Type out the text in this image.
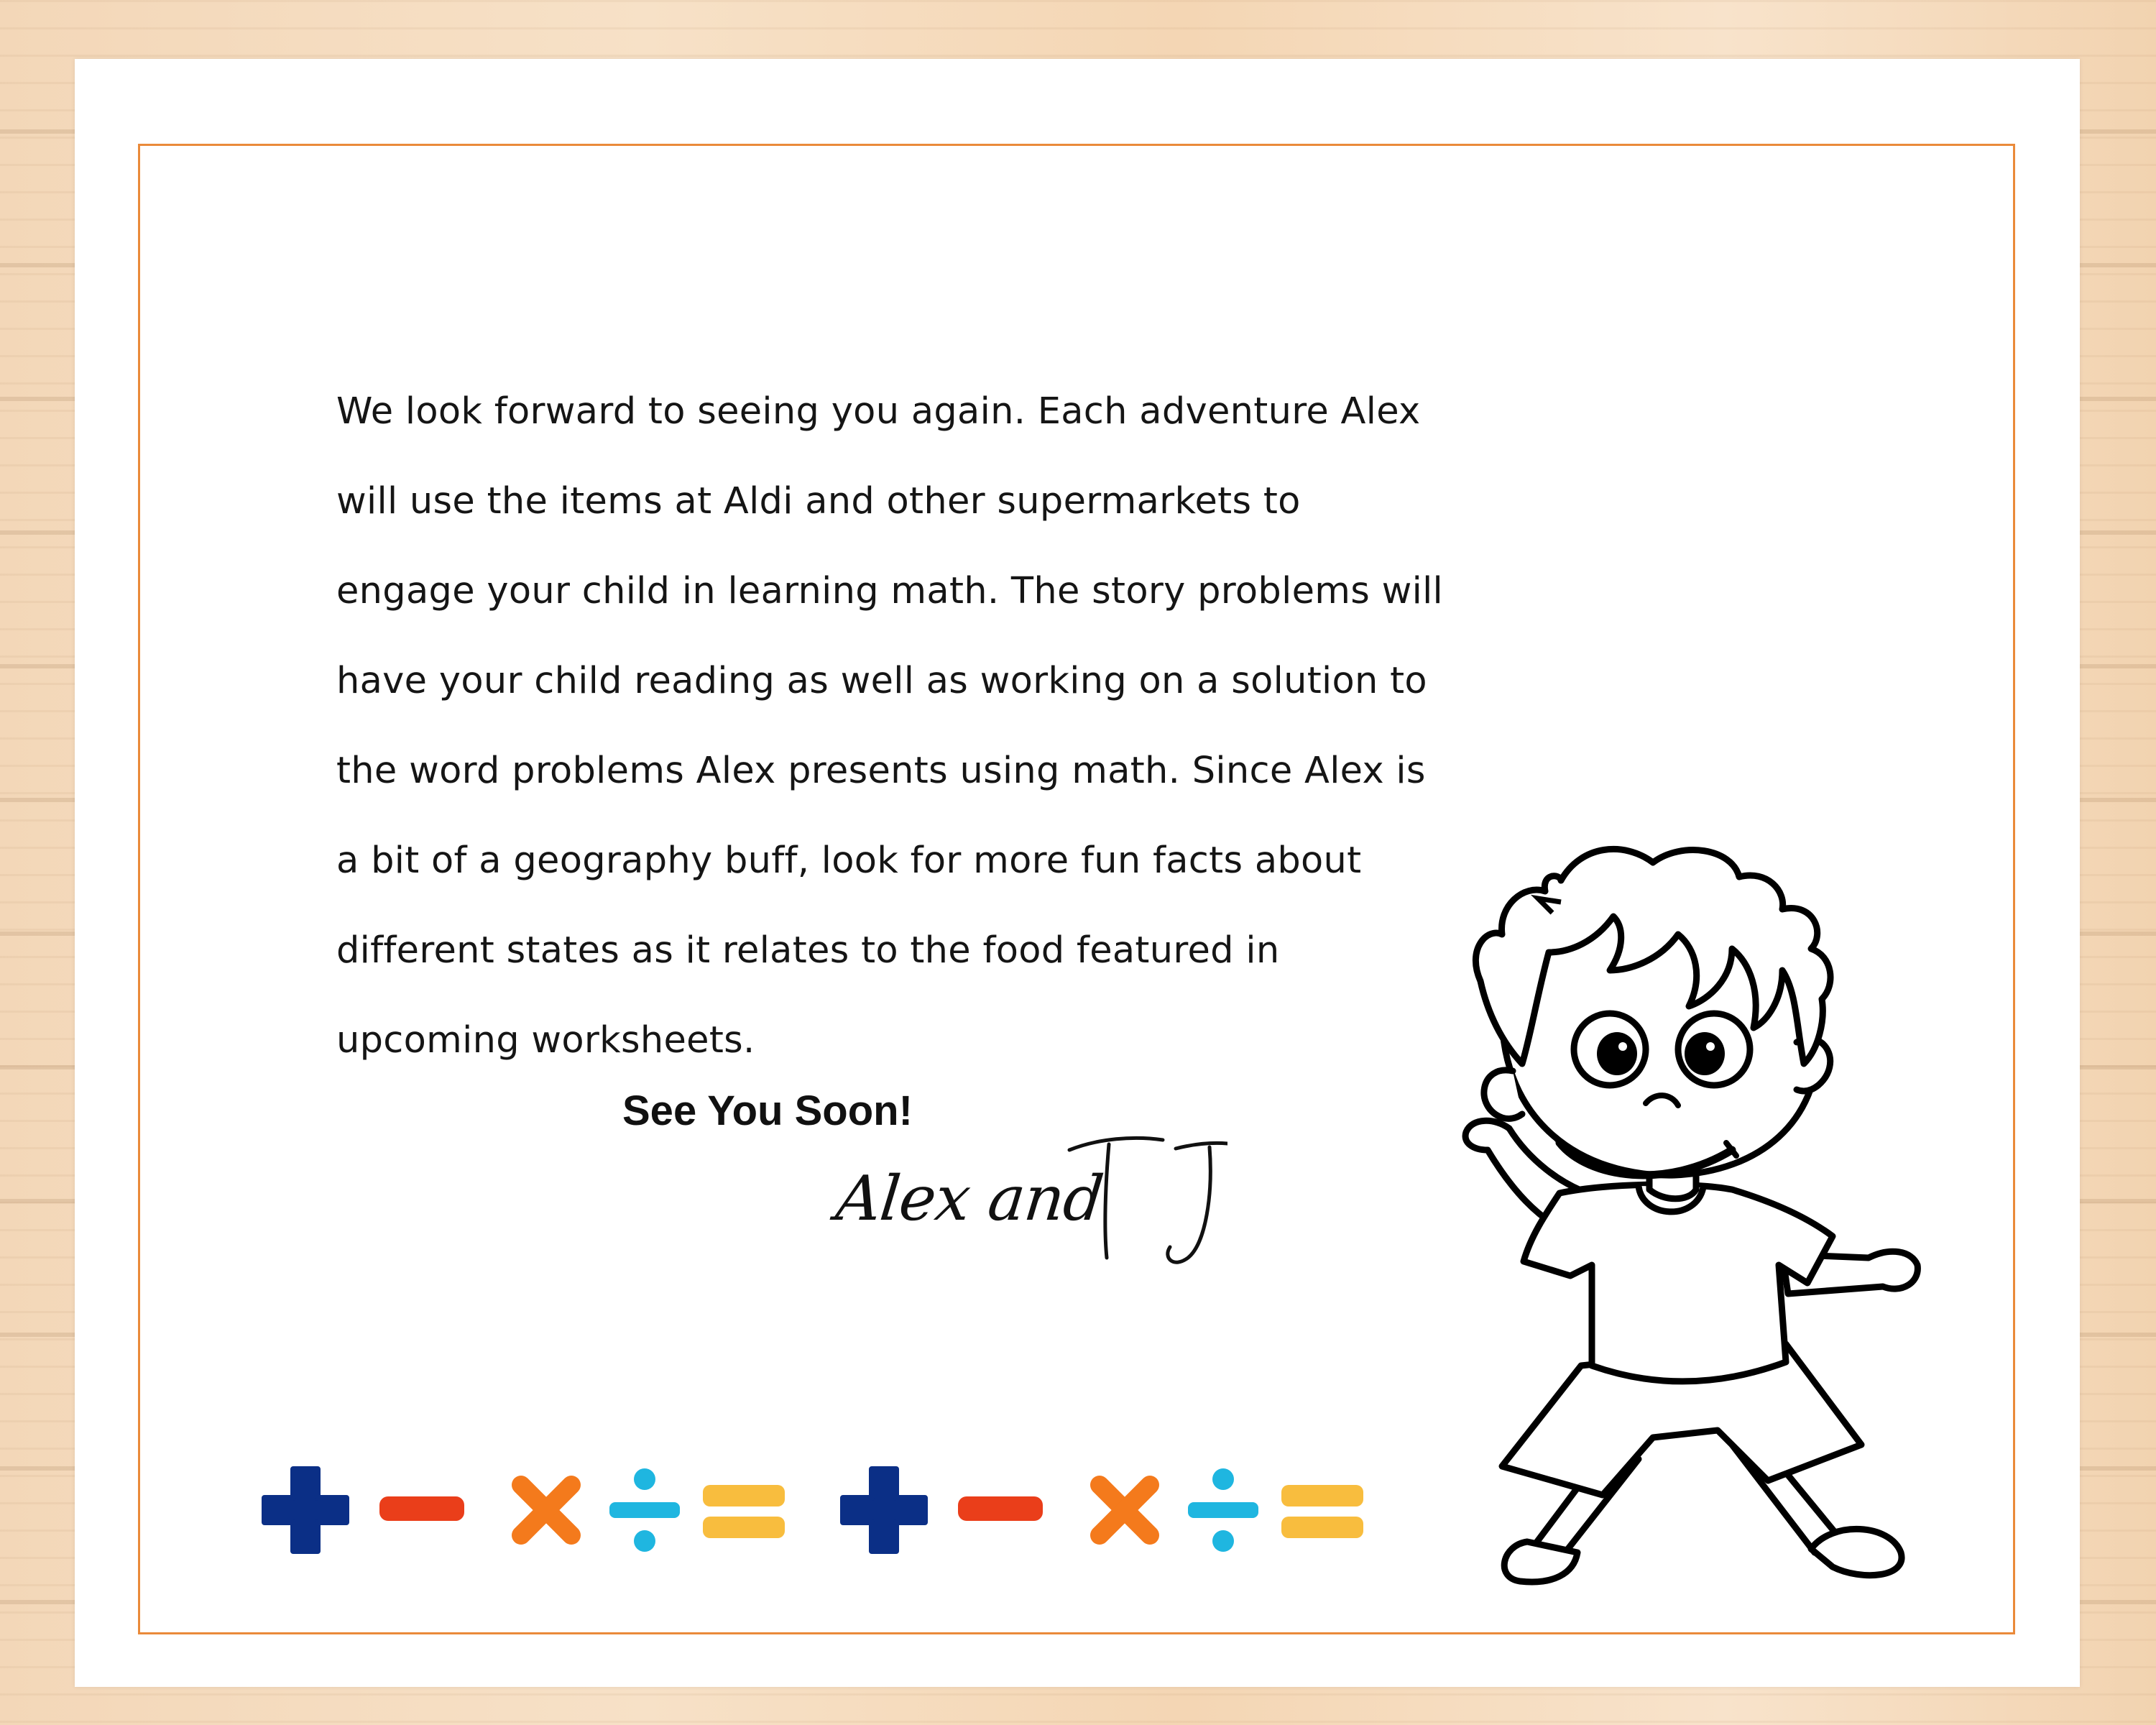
We look forward to seeing you again. Each adventure Alex
will use the items at Aldi and other supermarkets to
engage your child in learning math. The story problems will
have your child reading as well as working on a solution to
the word problems Alex presents using math. Since Alex is
a bit of a geography buff, look for more fun facts about
different states as it relates to the food featured in
upcoming worksheets.

See You Soon!

Alex and
